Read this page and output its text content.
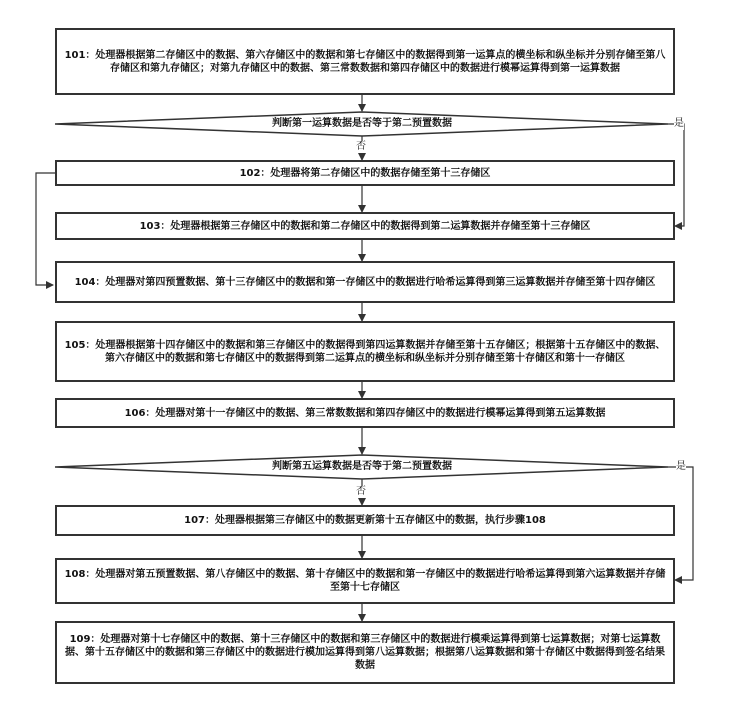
101：处理器根据第二存储区中的数据、第六存储区中的数据和第七存储区中的数据得到第一运算点的横坐标和纵坐标并分别存储至第八存储区和第九存储区；对第九存储区中的数据、第三常数数据和第四存储区中的数据进行模幂运算得到第一运算数据
判断第一运算数据是否等于第二预置数据	是
否
102：处理器将第二存储区中的数据存储至第十三存储区
103：处理器根据第三存储区中的数据和第二存储区中的数据得到第二运算数据并存储至第十三存储区
104：处理器对第四预置数据、第十三存储区中的数据和第一存储区中的数据进行哈希运算得到第三运算数据并存储至第十四存储区
105：处理器根据第十四存储区中的数据和第三存储区中的数据得到第四运算数据并存储至第十五存储区；根据第十五存储区中的数据、第六存储区中的数据和第七存储区中的数据得到第二运算点的横坐标和纵坐标并分别存储至第十存储区和第十一存储区
106：处理器对第十一存储区中的数据、第三常数数据和第四存储区中的数据进行模幂运算得到第五运算数据
判断第五运算数据是否等于第二预置数据	是
否
107：处理器根据第三存储区中的数据更新第十五存储区中的数据，执行步骤108
108：处理器对第五预置数据、第八存储区中的数据、第十存储区中的数据和第一存储区中的数据进行哈希运算得到第六运算数据并存储至第十七存储区
109：处理器对第十七存储区中的数据、第十三存储区中的数据和第三存储区中的数据进行模乘运算得到第七运算数据；对第七运算数据、第十五存储区中的数据和第三存储区中的数据进行模加运算得到第八运算数据；根据第八运算数据和第十存储区中数据得到签名结果数据
